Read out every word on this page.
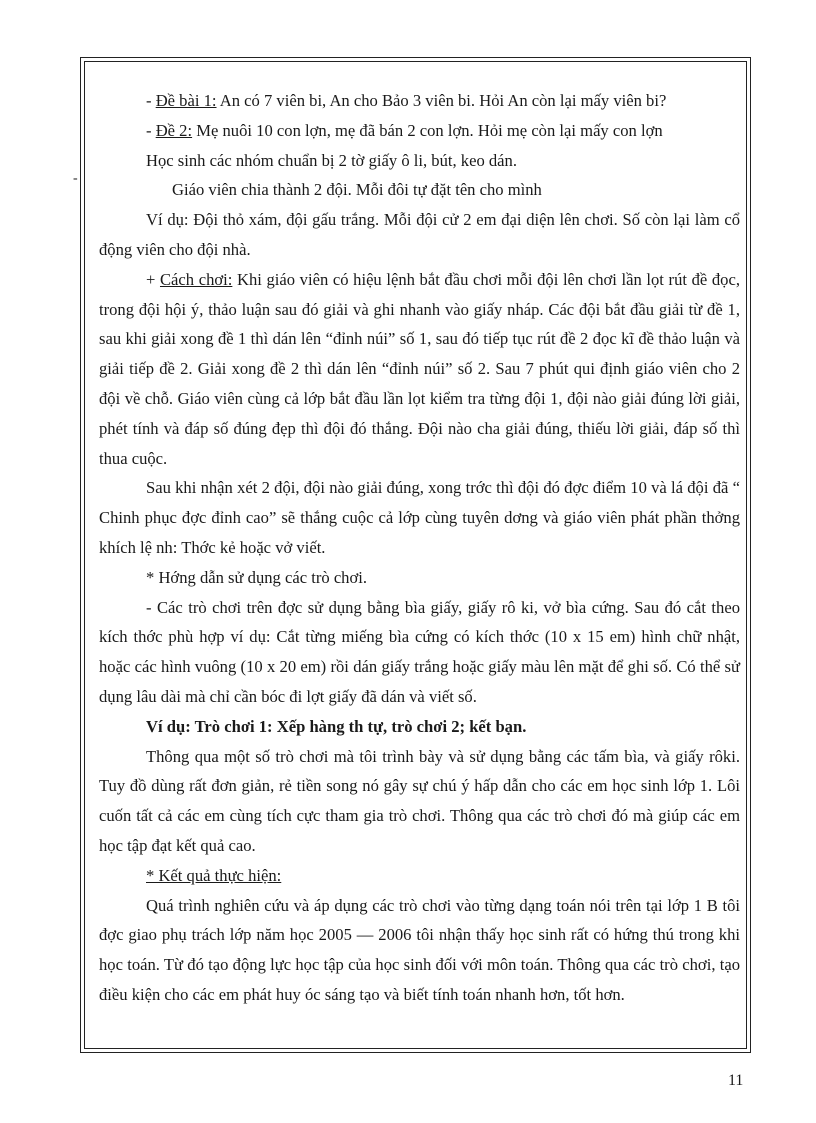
-

- Đề bài 1: An có 7 viên bi, An cho Bảo 3 viên bi. Hỏi An còn lại mấy viên bi?

- Đề 2: Mẹ nuôi 10 con lợn, mẹ đã bán 2 con lợn. Hỏi mẹ còn lại mấy con lợn

Học sinh các nhóm chuẩn bị 2 tờ giấy ô li, bút, keo dán.

Giáo viên chia thành 2 đội. Mỗi đôi tự đặt tên cho mình

Ví dụ: Đội thỏ xám, đội gấu trắng. Mỗi đội cử 2 em đại diện lên chơi. Số còn lại làm cổ động viên cho đội nhà.

+ Cách chơi: Khi giáo viên có hiệu lệnh bắt đầu chơi mỗi đội lên chơi lần lọt rút đề đọc, trong đội hội ý, thảo luận sau đó giải và ghi nhanh vào giấy nháp. Các đội bắt đầu giải từ đề 1, sau khi giải xong đề 1 thì dán lên “đỉnh núi” số 1, sau đó tiếp tục rút đề 2 đọc kĩ đề thảo luận và giải tiếp đề 2. Giải xong đề 2 thì dán lên “đỉnh núi” số 2. Sau 7 phút qui định giáo viên cho 2 đội về chỗ. Giáo viên cùng cả lớp bắt đầu lần lọt kiểm tra từng đội 1, đội nào giải đúng lời giải, phét tính và đáp số đúng đẹp thì đội đó thắng. Đội nào cha giải đúng, thiếu lời giải, đáp số thì thua cuộc.

Sau khi nhận xét 2 đội, đội nào giải đúng, xong trớc thì đội đó đợc điểm 10 và lá đội đã “ Chinh phục đợc đỉnh cao” sẽ thắng cuộc cả lớp cùng tuyên dơng và giáo viên phát phần thởng khích lệ nh: Thớc kẻ hoặc vở viết.

* Hớng dẫn sử dụng các trò chơi.

- Các trò chơi trên đợc sử dụng bằng bìa giấy, giấy rô ki, vở bìa cứng. Sau đó cắt theo kích thớc phù hợp ví dụ: Cắt từng miếng bìa cứng có kích thớc (10 x 15 em) hình chữ nhật, hoặc các hình vuông (10 x 20 em) rồi dán giấy trắng hoặc giấy màu lên mặt để ghi số. Có thể sử dụng lâu dài mà chỉ cần bóc đi lợt giấy đã dán và viết số.

Ví dụ: Trò chơi 1: Xếp hàng th tự, trò chơi 2; kết bạn.

Thông qua một số trò chơi mà tôi trình bày và sử dụng bằng các tấm bìa, và giấy rôki. Tuy đồ dùng rất đơn giản, rẻ tiền song nó gây sự chú ý hấp dẫn cho các em học sinh lớp 1. Lôi cuốn tất cả các em cùng tích cực tham gia trò chơi. Thông qua các trò chơi đó mà giúp các em học tập đạt kết quả cao.

* Kết quả thực hiện:

Quá trình nghiên cứu và áp dụng các trò chơi vào từng dạng toán nói trên tại lớp 1 B tôi đợc giao phụ trách lớp năm học 2005 — 2006 tôi nhận thấy học sinh rất có hứng thú trong khi học toán. Từ đó tạo động lực học tập của học sinh đối với môn toán. Thông qua các trò chơi, tạo điều kiện cho các em phát huy óc sáng tạo và biết tính toán nhanh hơn, tốt hơn.

11
